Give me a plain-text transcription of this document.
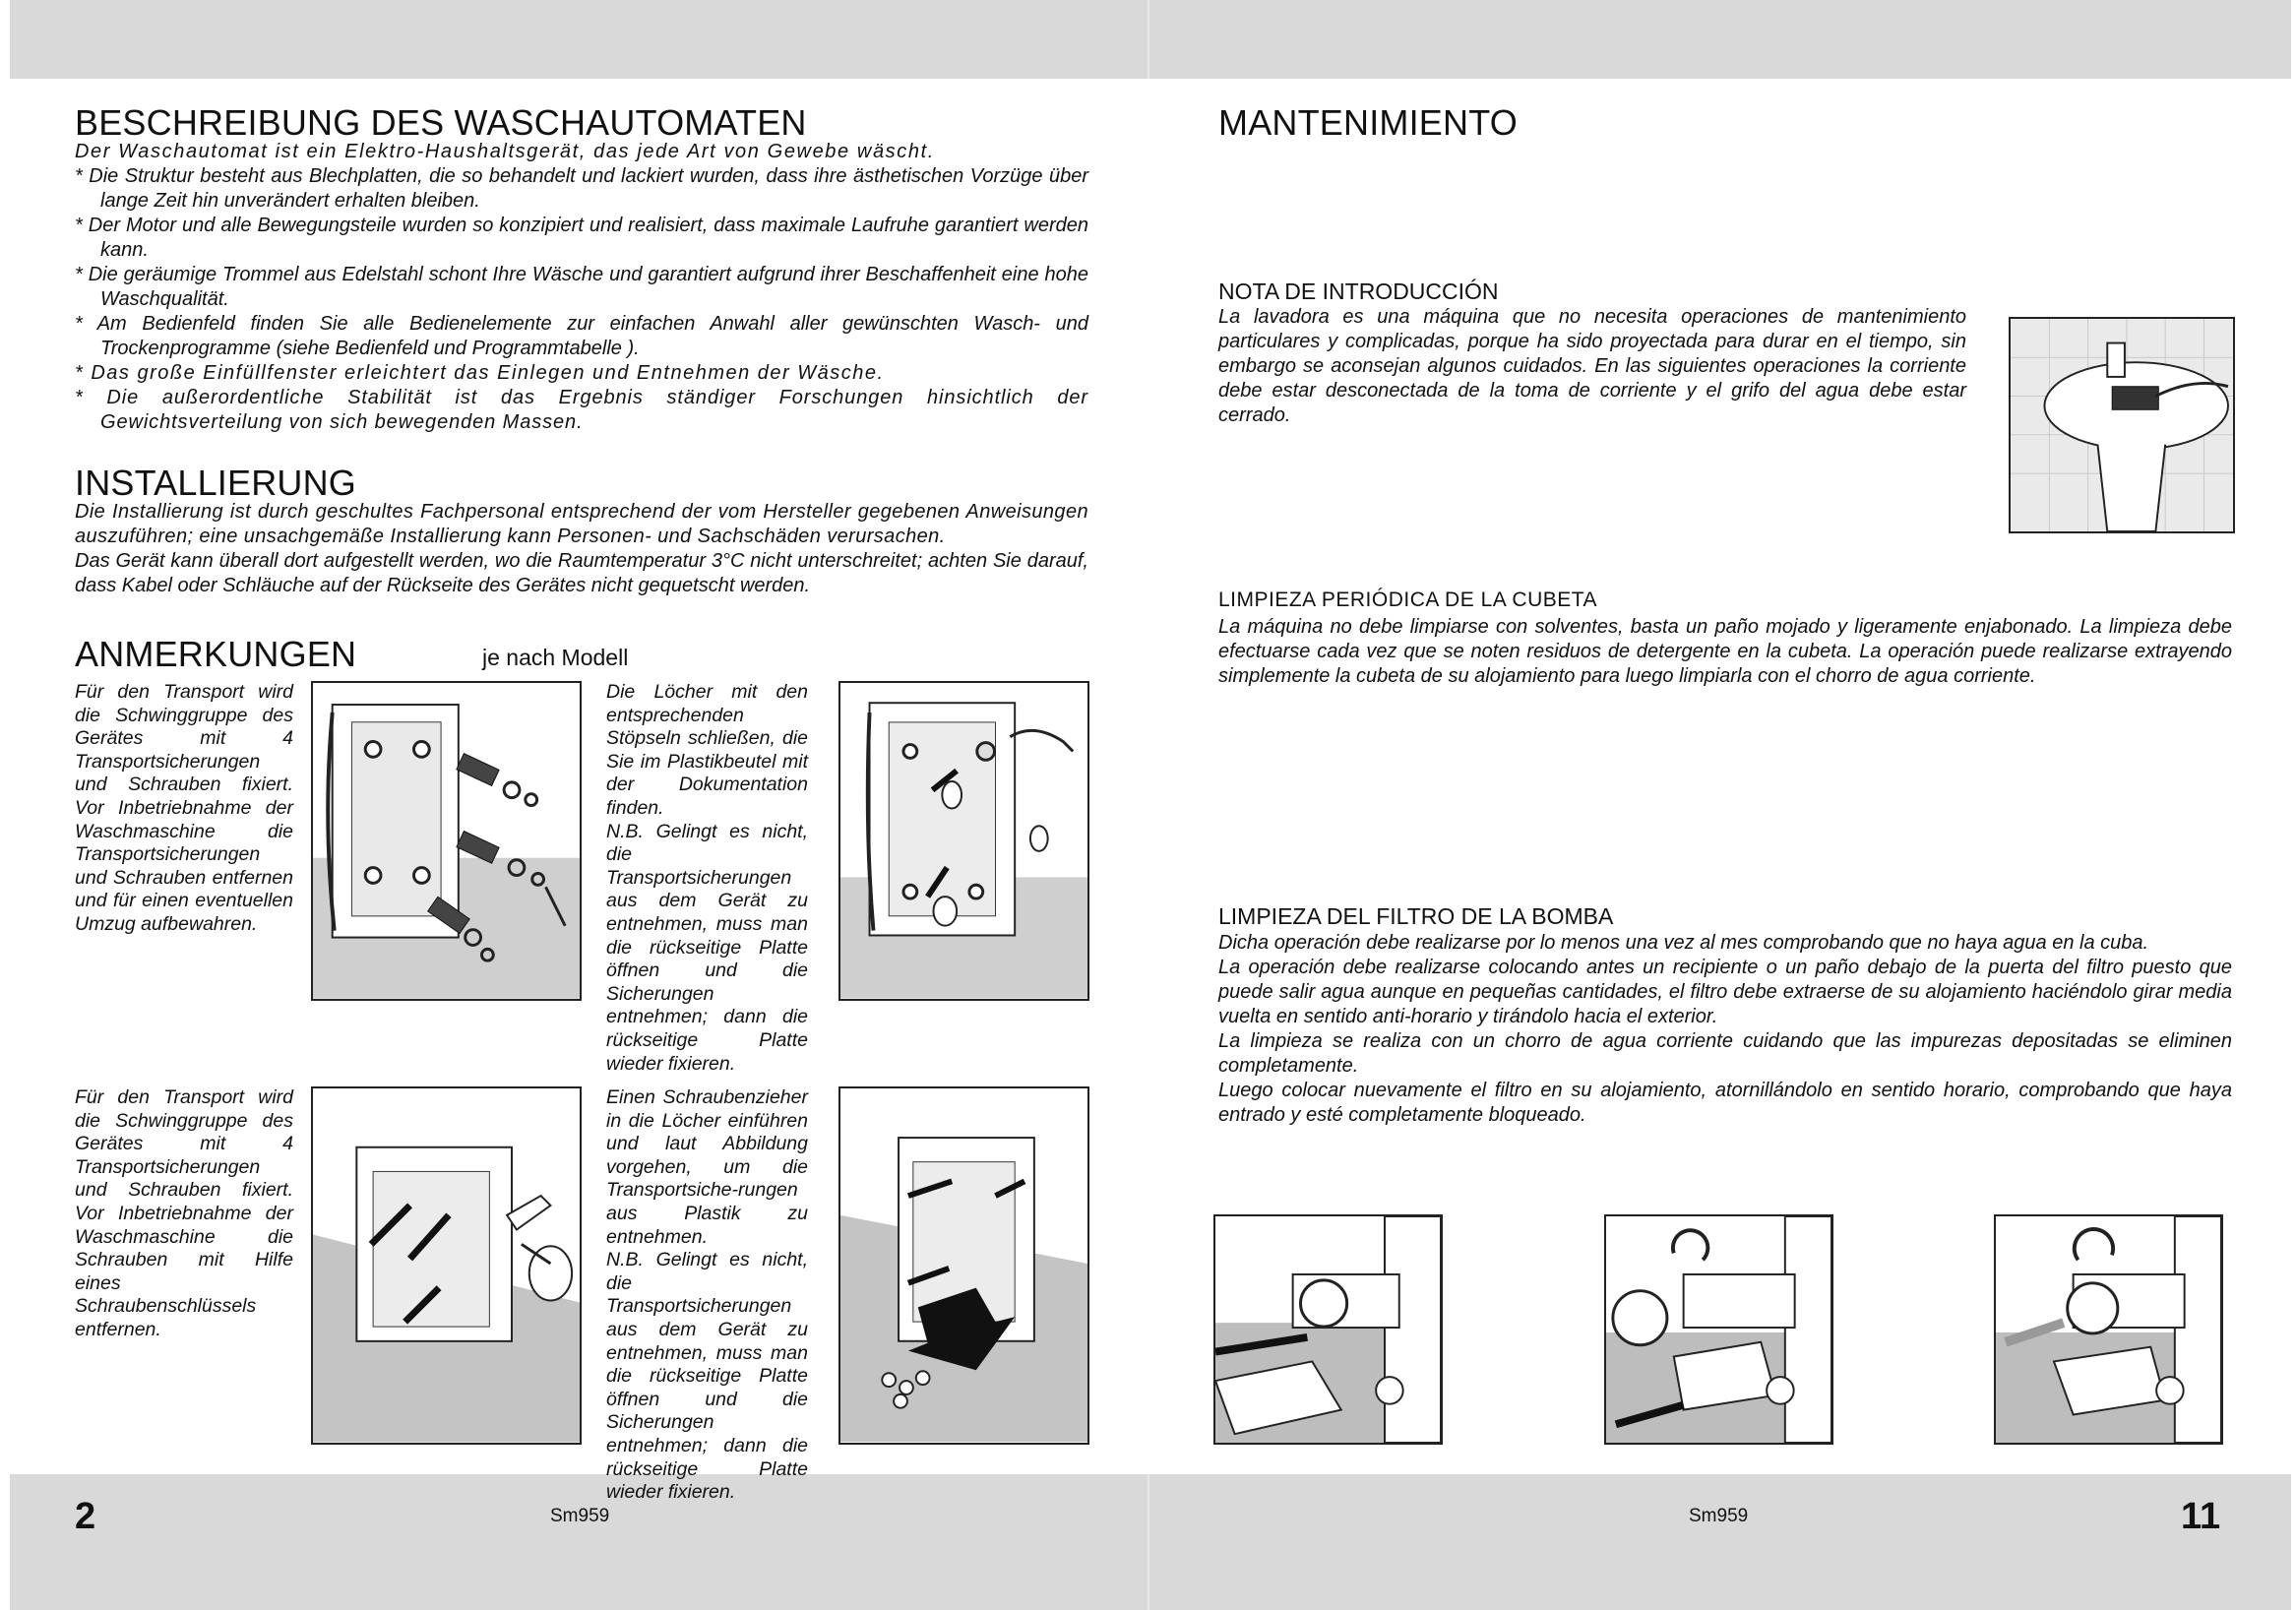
2	Sm959	Sm959	11
BESCHREIBUNG DES WASCHAUTOMATEN

Der Waschautomat ist ein Elektro-Haushaltsgerät, das jede Art von Gewebe wäscht.

* Die Struktur besteht aus Blechplatten, die so behandelt und lackiert wurden, dass ihre ästhetischen Vorzüge über lange Zeit hin unverändert erhalten bleiben.

* Der Motor und alle Bewegungsteile wurden so konzipiert und realisiert, dass maximale Laufruhe garantiert werden kann.

* Die geräumige Trommel aus Edelstahl schont Ihre Wäsche und garantiert aufgrund ihrer Beschaffenheit eine hohe Waschqualität.

* Am Bedienfeld finden Sie alle Bedienelemente zur einfachen Anwahl aller gewünschten Wasch- und Trockenprogramme (siehe Bedienfeld und Programmtabelle ).

* Das große Einfüllfenster erleichtert das Einlegen und Entnehmen der Wäsche.

* Die außerordentliche Stabilität ist das Ergebnis ständiger Forschungen hinsichtlich der Gewichtsverteilung von sich bewegenden Massen.

INSTALLIERUNG

Die Installierung ist durch geschultes Fachpersonal entsprechend der vom Hersteller gegebenen Anweisungen auszuführen; eine unsachgemäße Installierung kann Personen- und Sachschäden verursachen.

Das Gerät kann überall dort aufgestellt werden, wo die Raumtemperatur 3°C nicht unterschreitet; achten Sie darauf, dass Kabel oder Schläuche auf der Rückseite des Gerätes nicht gequetscht werden.

ANMERKUNGEN	je nach Modell
Für den Transport wird die Schwinggruppe des Gerätes mit 4 Transportsicherungen und Schrauben fixiert. Vor Inbetriebnahme der Waschmaschine die Transportsicherungen und Schrauben entfernen und für einen eventuellen Umzug aufbewahren.

Die Löcher mit den entsprechenden Stöpseln schließen, die Sie im Plastikbeutel mit der Dokumentation finden.

N.B. Gelingt es nicht, die Transportsicherungen aus dem Gerät zu entnehmen, muss man die rückseitige Platte öffnen und die Sicherungen entnehmen; dann die rückseitige Platte wieder fixieren.

Für den Transport wird die Schwinggruppe des Gerätes mit 4 Transportsicherungen und Schrauben fixiert. Vor Inbetriebnahme der Waschmaschine die Schrauben mit Hilfe eines Schraubenschlüssels entfernen.

Einen Schraubenzieher in die Löcher einführen und laut Abbildung vorgehen, um die Transportsiche-rungen aus Plastik zu entnehmen.

N.B. Gelingt es nicht, die Transportsicherungen aus dem Gerät zu entnehmen, muss man die rückseitige Platte öffnen und die Sicherungen entnehmen; dann die rückseitige Platte wieder fixieren.

MANTENIMIENTO
NOTA DE INTRODUCCIÓN
La lavadora es una máquina que no necesita operaciones de mantenimiento particulares y complicadas, porque ha sido proyectada para durar en el tiempo, sin embargo se aconsejan algunos cuidados. En las siguientes operaciones la corriente debe estar desconectada de la toma de corriente y el grifo del agua debe estar cerrado.
LIMPIEZA PERIÓDICA DE LA CUBETA
La máquina no debe limpiarse con solventes, basta un paño mojado y ligeramente enjabonado. La limpieza debe efectuarse cada vez que se noten residuos de detergente en la cubeta. La operación puede realizarse extrayendo simplemente la cubeta de su alojamiento para luego limpiarla con el chorro de agua corriente.
LIMPIEZA DEL FILTRO DE LA BOMBA

Dicha operación debe realizarse por lo menos una vez al mes comprobando que no haya agua en la cuba.

La operación debe realizarse colocando antes un recipiente o un paño debajo de la puerta del filtro puesto que puede salir agua aunque en pequeñas cantidades, el filtro debe extraerse de su alojamiento haciéndolo girar media vuelta en sentido anti-horario y tirándolo hacia el exterior.

La limpieza se realiza con un chorro de agua corriente cuidando que las impurezas depositadas se eliminen completamente.

Luego colocar nuevamente el filtro en su alojamiento, atornillándolo en sentido horario, comprobando que haya entrado y esté completamente bloqueado.
